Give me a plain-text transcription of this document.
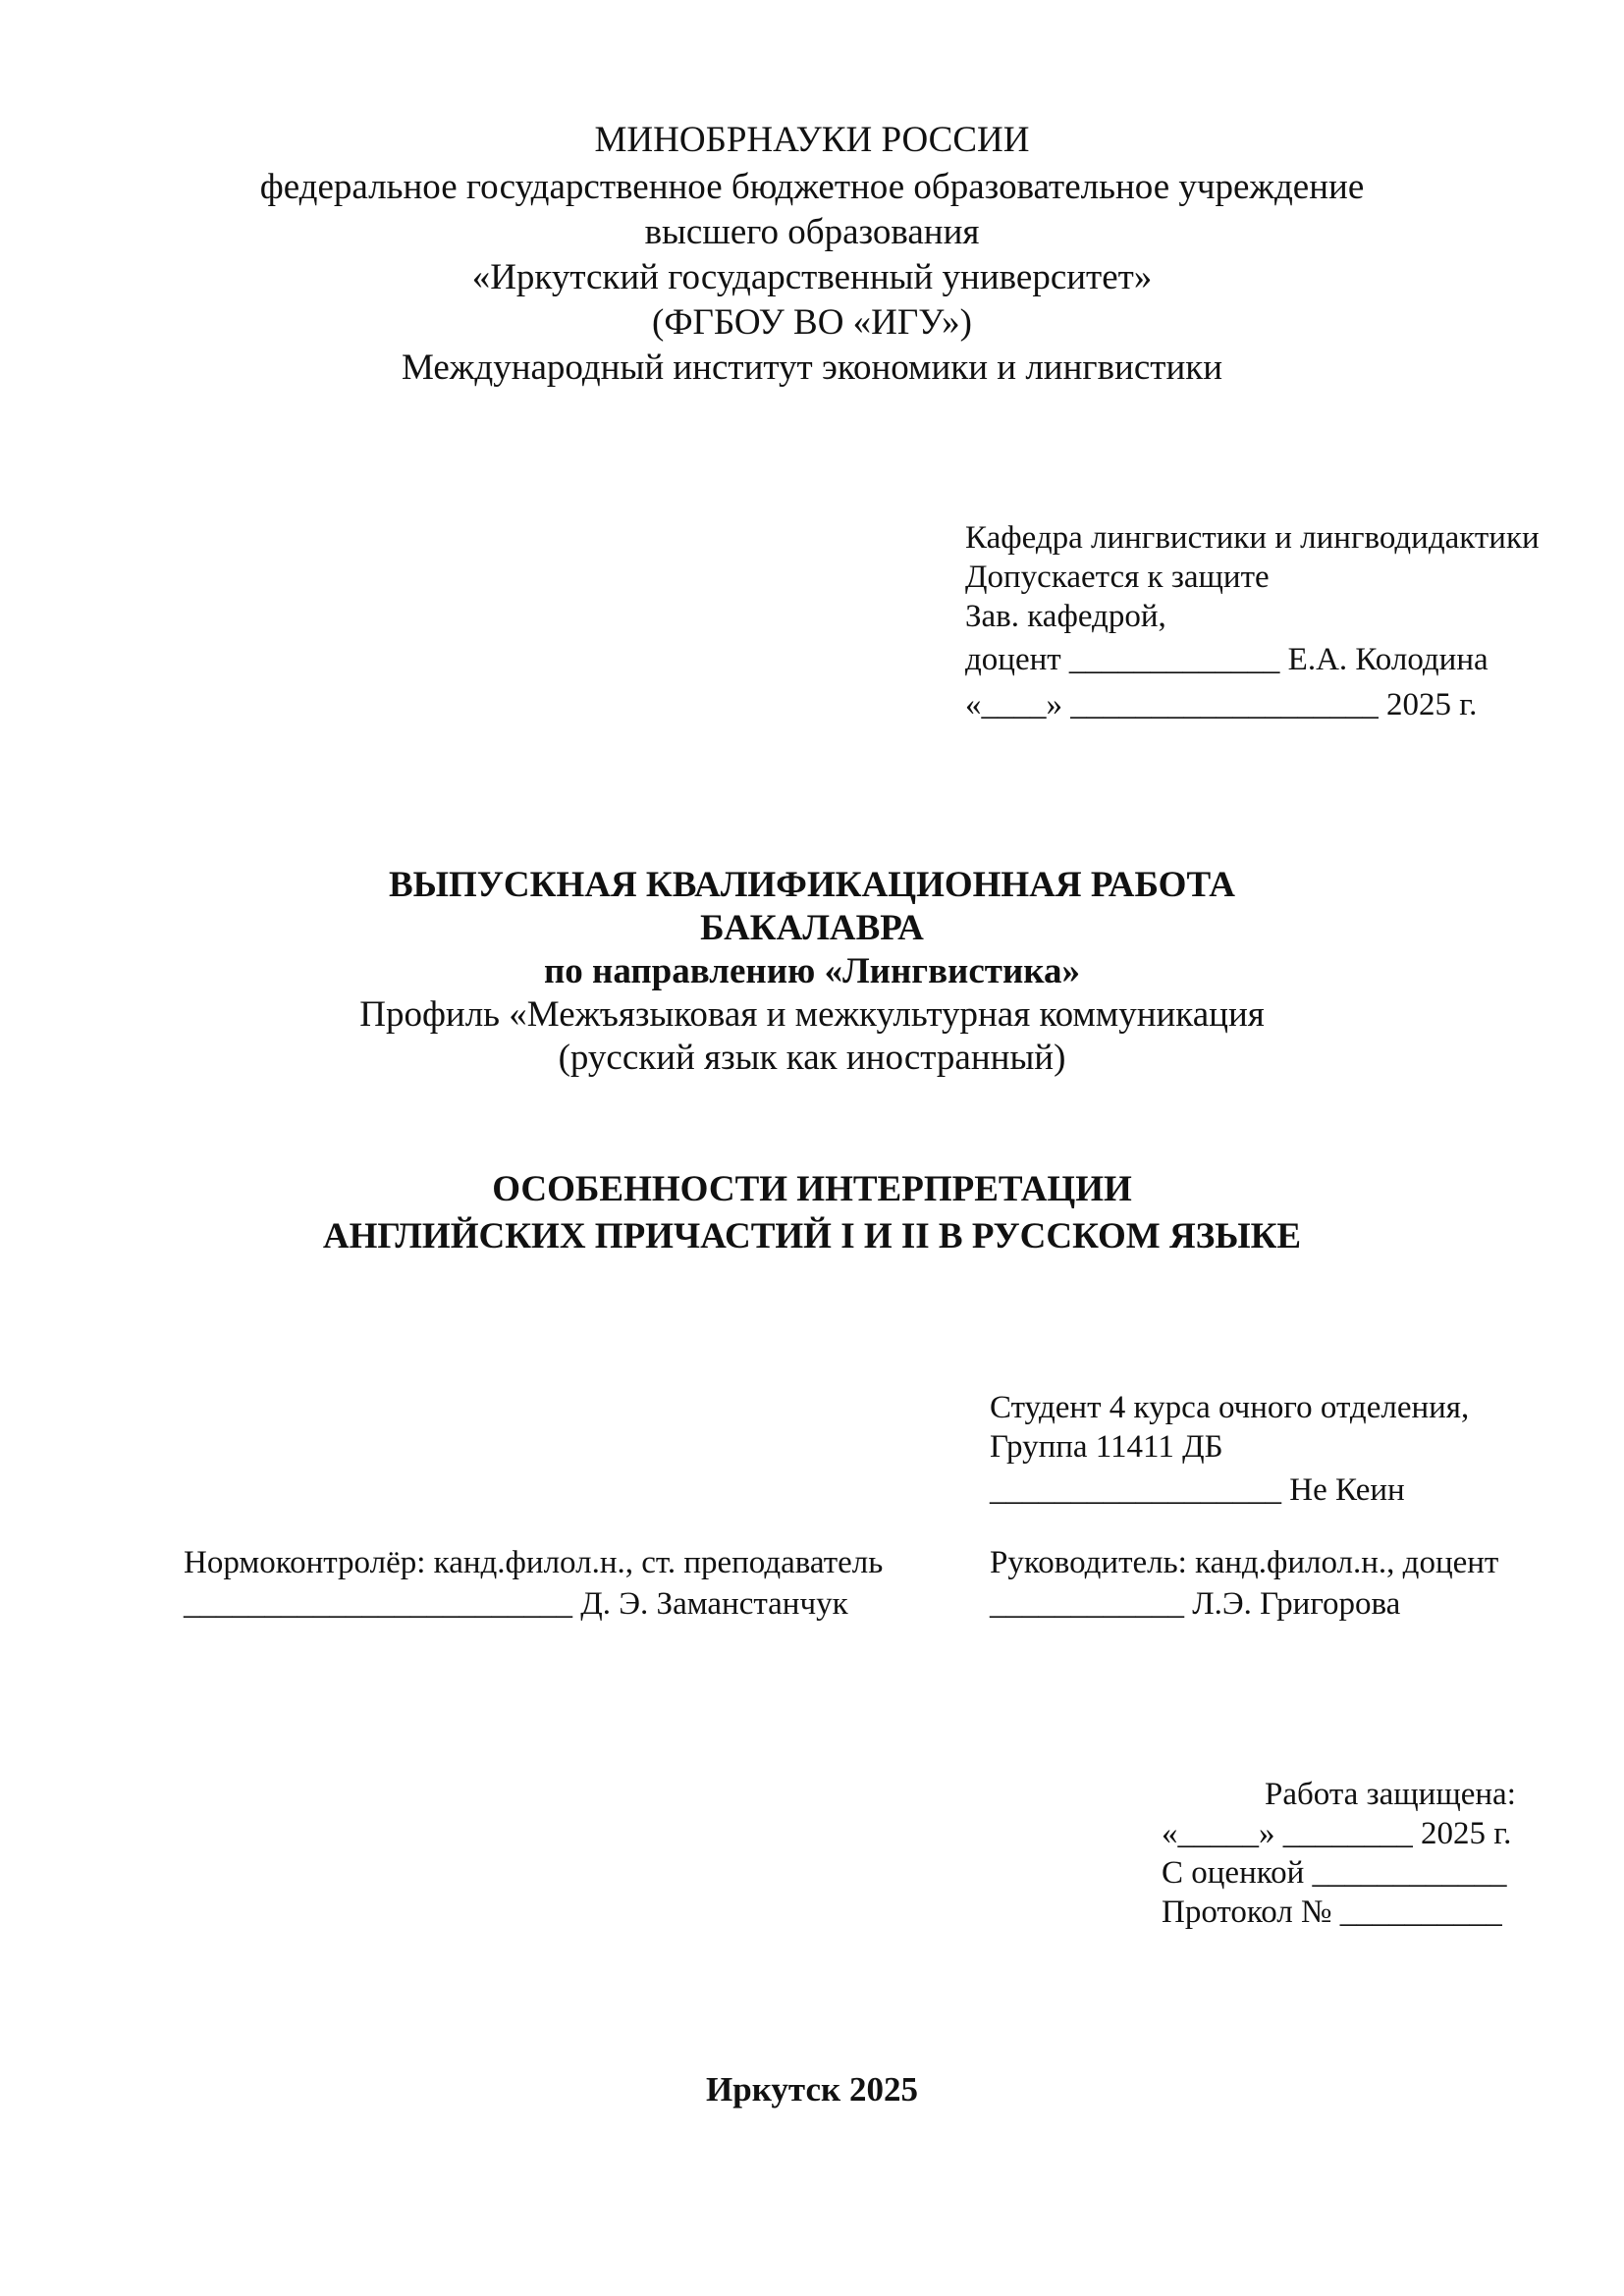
МИНОБРНАУКИ РОССИИ
федеральное государственное бюджетное образовательное учреждение
высшего образования
«Иркутский государственный университет»
(ФГБОУ ВО «ИГУ»)
Международный институт экономики и лингвистики
Кафедра лингвистики и лингводидактики
Допускается к защите
Зав. кафедрой,
доцент _____________ Е.А. Колодина
«____» ___________________ 2025 г.
ВЫПУСКНАЯ КВАЛИФИКАЦИОННАЯ РАБОТА
БАКАЛАВРА
по направлению «Лингвистика»
Профиль «Межъязыковая и межкультурная коммуникация
(русский язык как иностранный)
ОСОБЕННОСТИ ИНТЕРПРЕТАЦИИ
АНГЛИЙСКИХ ПРИЧАСТИЙ I И II В РУССКОМ ЯЗЫКЕ
Студент 4 курса очного отделения,
Группа 11411 ДБ
__________________ Не Кеин
Нормоконтролёр: канд.филол.н., ст. преподаватель
________________________ Д. Э. Заманстанчук
Руководитель: канд.филол.н., доцент
____________ Л.Э. Григорова
Работа защищена:
«_____» ________ 2025 г.
С оценкой ____________
Протокол № __________
Иркутск 2025
